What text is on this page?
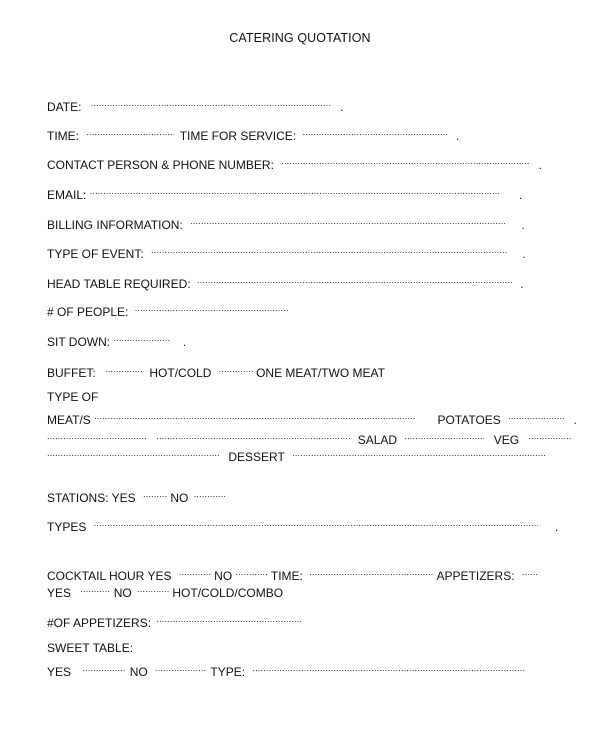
CATERING QUOTATION
DATE: .....	.
TIME: .....	TIME FOR SERVICE: .....	.
CONTACT PERSON & PHONE NUMBER: .....	.
EMAIL: .....	.
BILLING INFORMATION: .....	.
TYPE OF EVENT: .....	.
HEAD TABLE REQUIRED: .....	.
# OF PEOPLE: .....
SIT DOWN: .....	.
BUFFET: .....	HOT/COLD .....	ONE MEAT/TWO MEAT
TYPE OF
MEAT/S .....	POTATOES .....	.
..... ..... SALAD .....	VEG .....
..... DESSERT .....
STATIONS: YES .....	NO .....
TYPES .....	.
COCKTAIL HOUR YES .....	NO .....	TIME: .....	APPETIZERS: .....
YES .....	NO .....	HOT/COLD/COMBO
#OF APPETIZERS: .....
SWEET TABLE:
YES .....	NO .....	TYPE: .....
